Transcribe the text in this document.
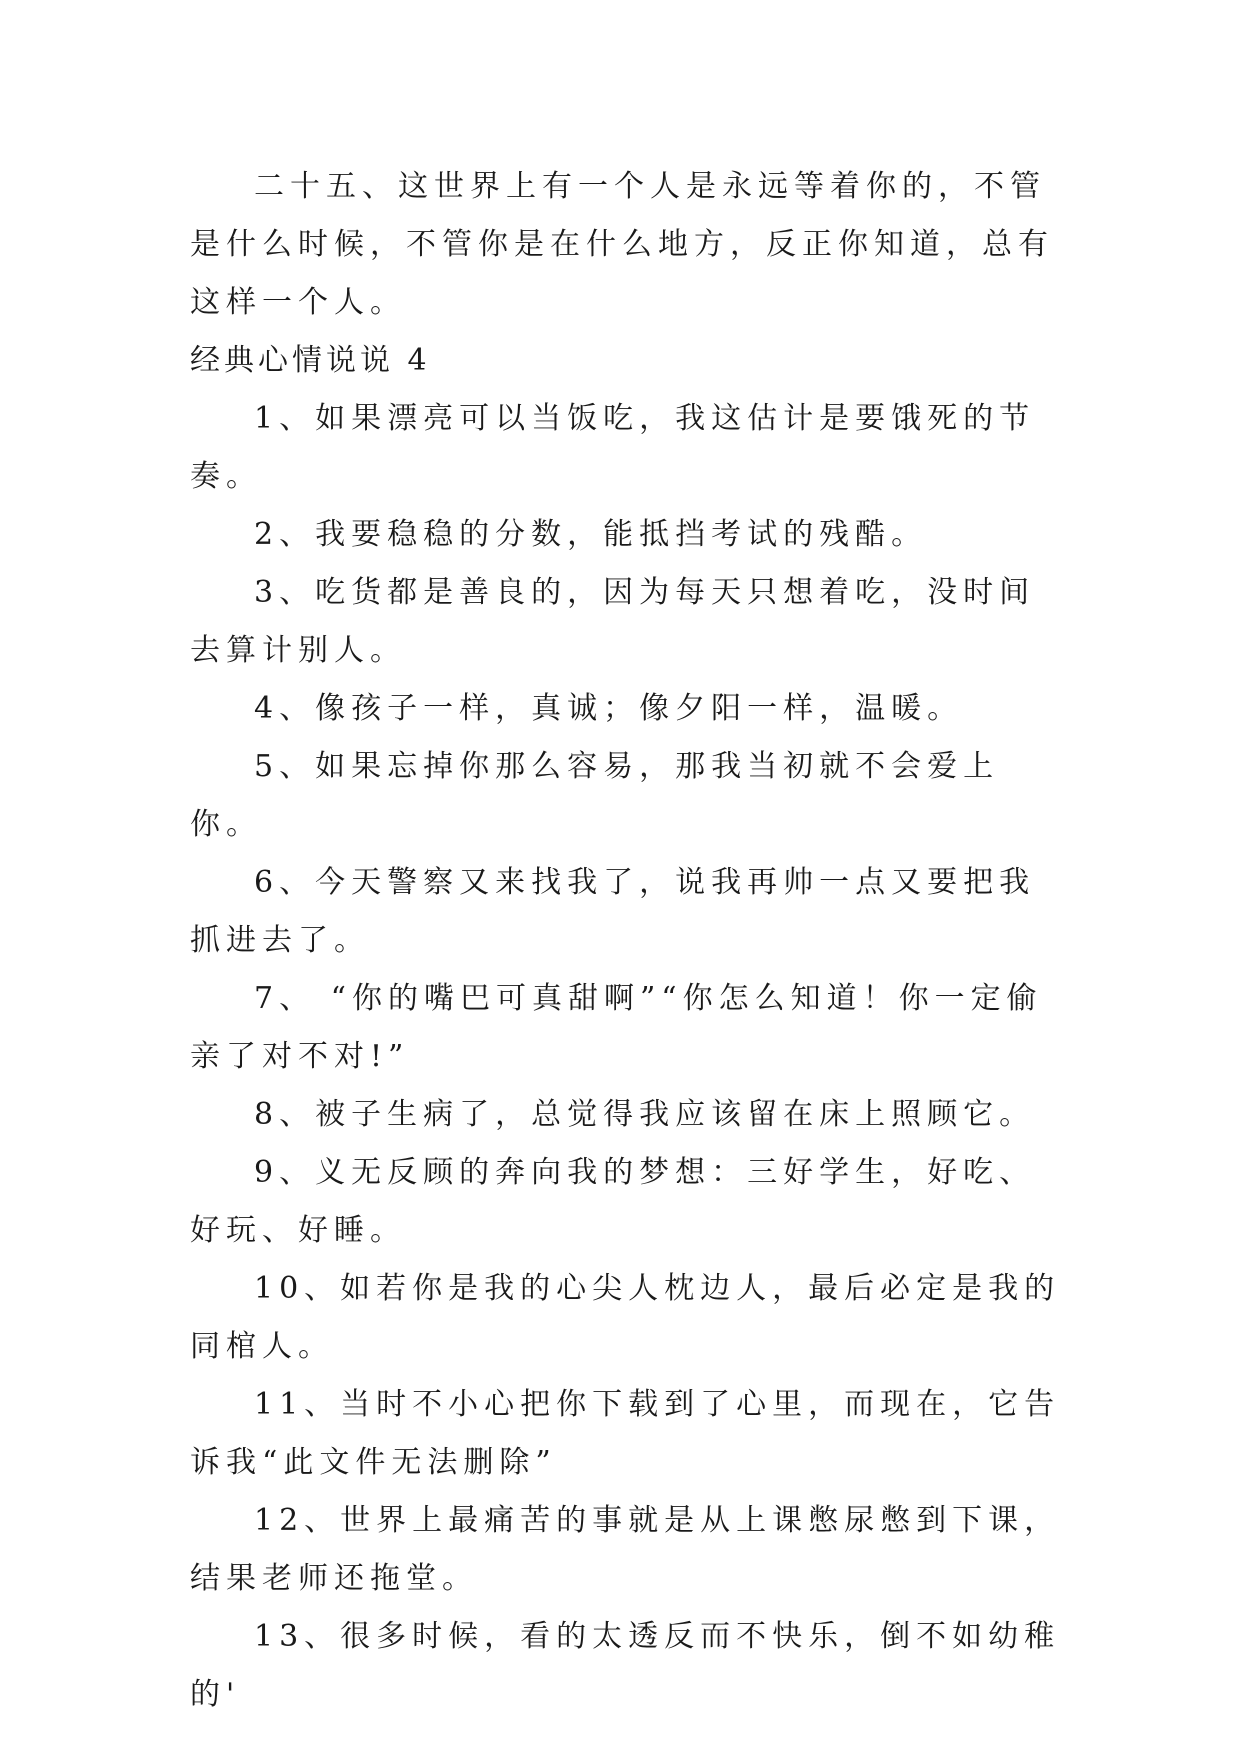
二十五、这世界上有一个人是永远等着你的，不管是什么时候，不管你是在什么地方，反正你知道，总有这样一个人。

经典心情说说 4

1、如果漂亮可以当饭吃，我这估计是要饿死的节奏。

2、我要稳稳的分数，能抵挡考试的残酷。

3、吃货都是善良的，因为每天只想着吃，没时间去算计别人。

4、像孩子一样，真诚；像夕阳一样，温暖。

5、如果忘掉你那么容易，那我当初就不会爱上你。

6、今天警察又来找我了，说我再帅一点又要把我抓进去了。

7、 “你的嘴巴可真甜啊”“你怎么知道！你一定偷亲了对不对!”

8、被子生病了，总觉得我应该留在床上照顾它。

9、义无反顾的奔向我的梦想：三好学生，好吃、好玩、好睡。

10、如若你是我的心尖人枕边人，最后必定是我的同棺人。

11、当时不小心把你下载到了心里，而现在，它告诉我“此文件无法删除”

12、世界上最痛苦的事就是从上课憋尿憋到下课，结果老师还拖堂。

13、很多时候，看的太透反而不快乐，倒不如幼稚的'
